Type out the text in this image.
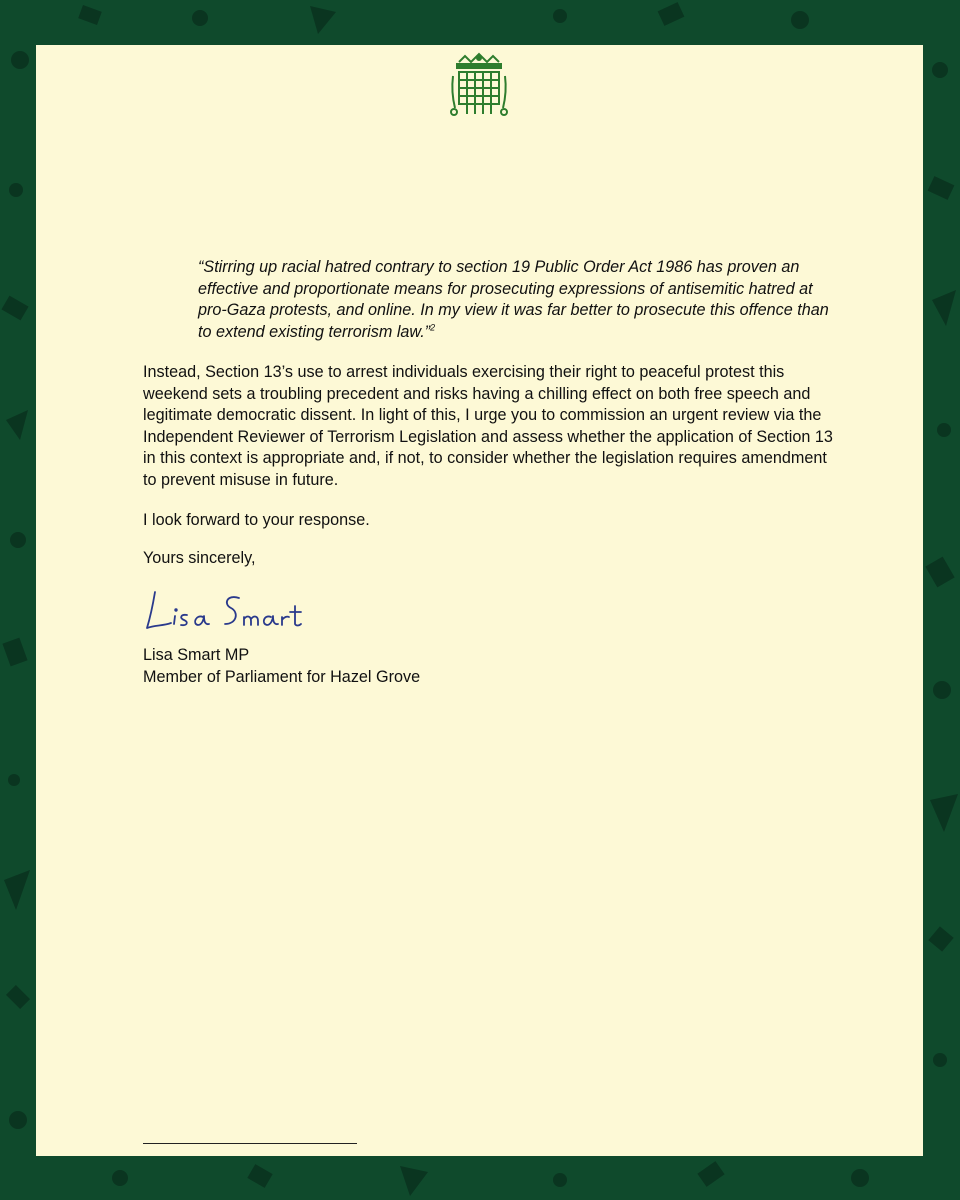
“Stirring up racial hatred contrary to section 19 Public Order Act 1986 has proven an effective and proportionate means for prosecuting expressions of antisemitic hatred at pro-Gaza protests, and online. In my view it was far better to prosecute this offence than to extend existing terrorism law.”$^2$

Instead, Section 13’s use to arrest individuals exercising their right to peaceful protest this weekend sets a troubling precedent and risks having a chilling effect on both free speech and legitimate democratic dissent. In light of this, I urge you to commission an urgent review via the Independent Reviewer of Terrorism Legislation and assess whether the application of Section 13 in this context is appropriate and, if not, to consider whether the legislation requires amendment to prevent misuse in future.

I look forward to your response.

Yours sincerely,

Lisa Smart MP
Member of Parliament for Hazel Grove
